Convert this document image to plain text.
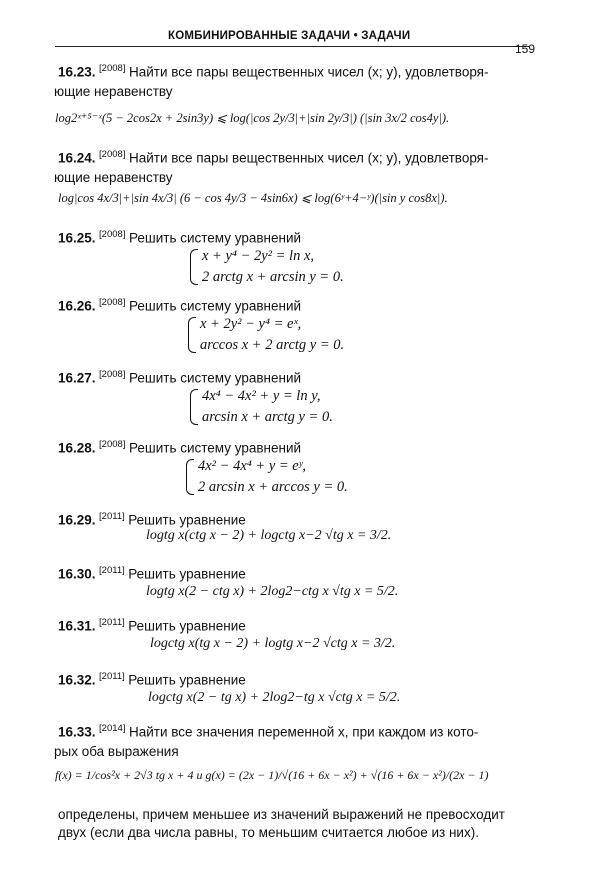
КОМБИНИРОВАННЫЕ ЗАДАЧИ • ЗАДАЧИ
159
16.23. [2008] Найти все пары вещественных чисел (x; y), удовлетворя-
ющие неравенству
log2ˣ⁺⁵⁻ˣ(5 − 2cos2x + 2sin3y) ⩽ log(|cos 2y/3|+|sin 2y/3|) (|sin 3x/2 cos4y|).
16.24. [2008] Найти все пары вещественных чисел (x; y), удовлетворя-
ющие неравенству
log|cos 4x/3|+|sin 4x/3| (6 − cos 4y/3 − 4sin6x) ⩽ log(6ʸ+4−ʸ)(|sin y cos8x|).
16.25. [2008] Решить систему уравнений
x + y⁴ − 2y² = ln x,
2 arctg x + arcsin y = 0.
16.26. [2008] Решить систему уравнений
x + 2y² − y⁴ = eˣ,
arccos x + 2 arctg y = 0.
16.27. [2008] Решить систему уравнений
4x⁴ − 4x² + y = ln y,
arcsin x + arctg y = 0.
16.28. [2008] Решить систему уравнений
4x² − 4x⁴ + y = eʸ,
2 arcsin x + arccos y = 0.
16.29. [2011] Решить уравнение
logtg x(ctg x − 2) + logctg x−2 √tg x = 3/2.
16.30. [2011] Решить уравнение
logtg x(2 − ctg x) + 2log2−ctg x √tg x = 5/2.
16.31. [2011] Решить уравнение
logctg x(tg x − 2) + logtg x−2 √ctg x = 3/2.
16.32. [2011] Решить уравнение
logctg x(2 − tg x) + 2log2−tg x √ctg x = 5/2.
16.33. [2014] Найти все значения переменной x, при каждом из кото-
рых оба выражения
f(x) = 1/cos²x + 2√3 tg x + 4 и g(x) = (2x − 1)/√(16 + 6x − x²) + √(16 + 6x − x²)/(2x − 1)
определены, причем меньшее из значений выражений не превосходит
двух (если два числа равны, то меньшим считается любое из них).
